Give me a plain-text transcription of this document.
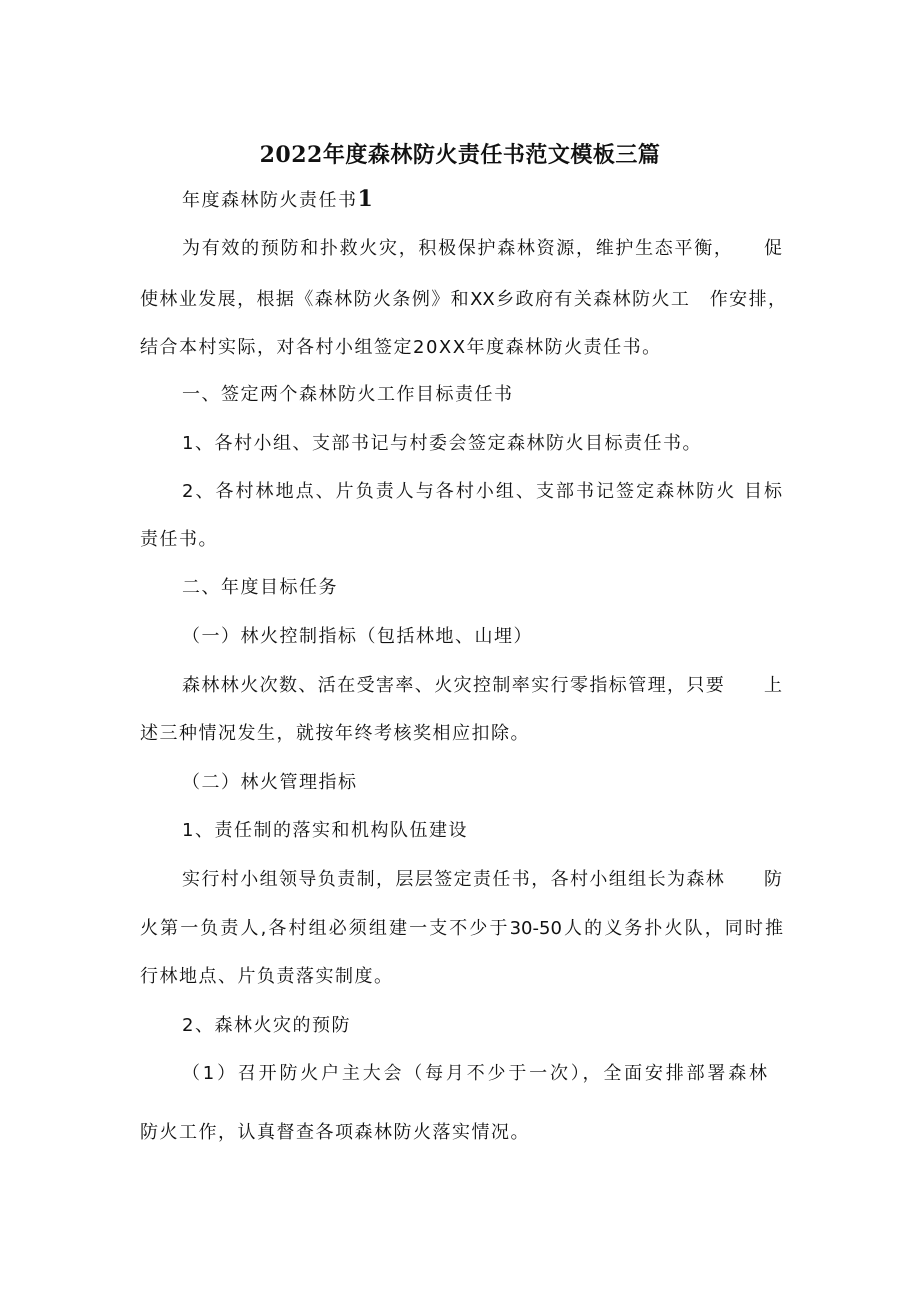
2022年度森林防火责任书范文模板三篇
年度森林防火责任书1
为有效的预防和扑救火灾，积极保护森林资源，维护生态平衡，　　促
使林业发展，根据《森林防火条例》和XX乡政府有关森林防火工　作安排，
结合本村实际，对各村小组签定20XX年度森林防火责任书。
一、签定两个森林防火工作目标责任书
1、各村小组、支部书记与村委会签定森林防火目标责任书。
2、各村林地点、片负责人与各村小组、支部书记签定森林防火 目标
责任书。
二、年度目标任务
（一）林火控制指标（包括林地、山埋）
森林林火次数、活在受害率、火灾控制率实行零指标管理，只要　　上
述三种情况发生，就按年终考核奖相应扣除。
（二）林火管理指标
1、责任制的落实和机构队伍建设
实行村小组领导负责制，层层签定责任书，各村小组组长为森林　　防
火第一负责人,各村组必须组建一支不少于30-50人的义务扑火队，同时推
行林地点、片负责落实制度。
2、森林火灾的预防
（1）召开防火户主大会（每月不少于一次），全面安排部署森林
防火工作，认真督查各项森林防火落实情况。
